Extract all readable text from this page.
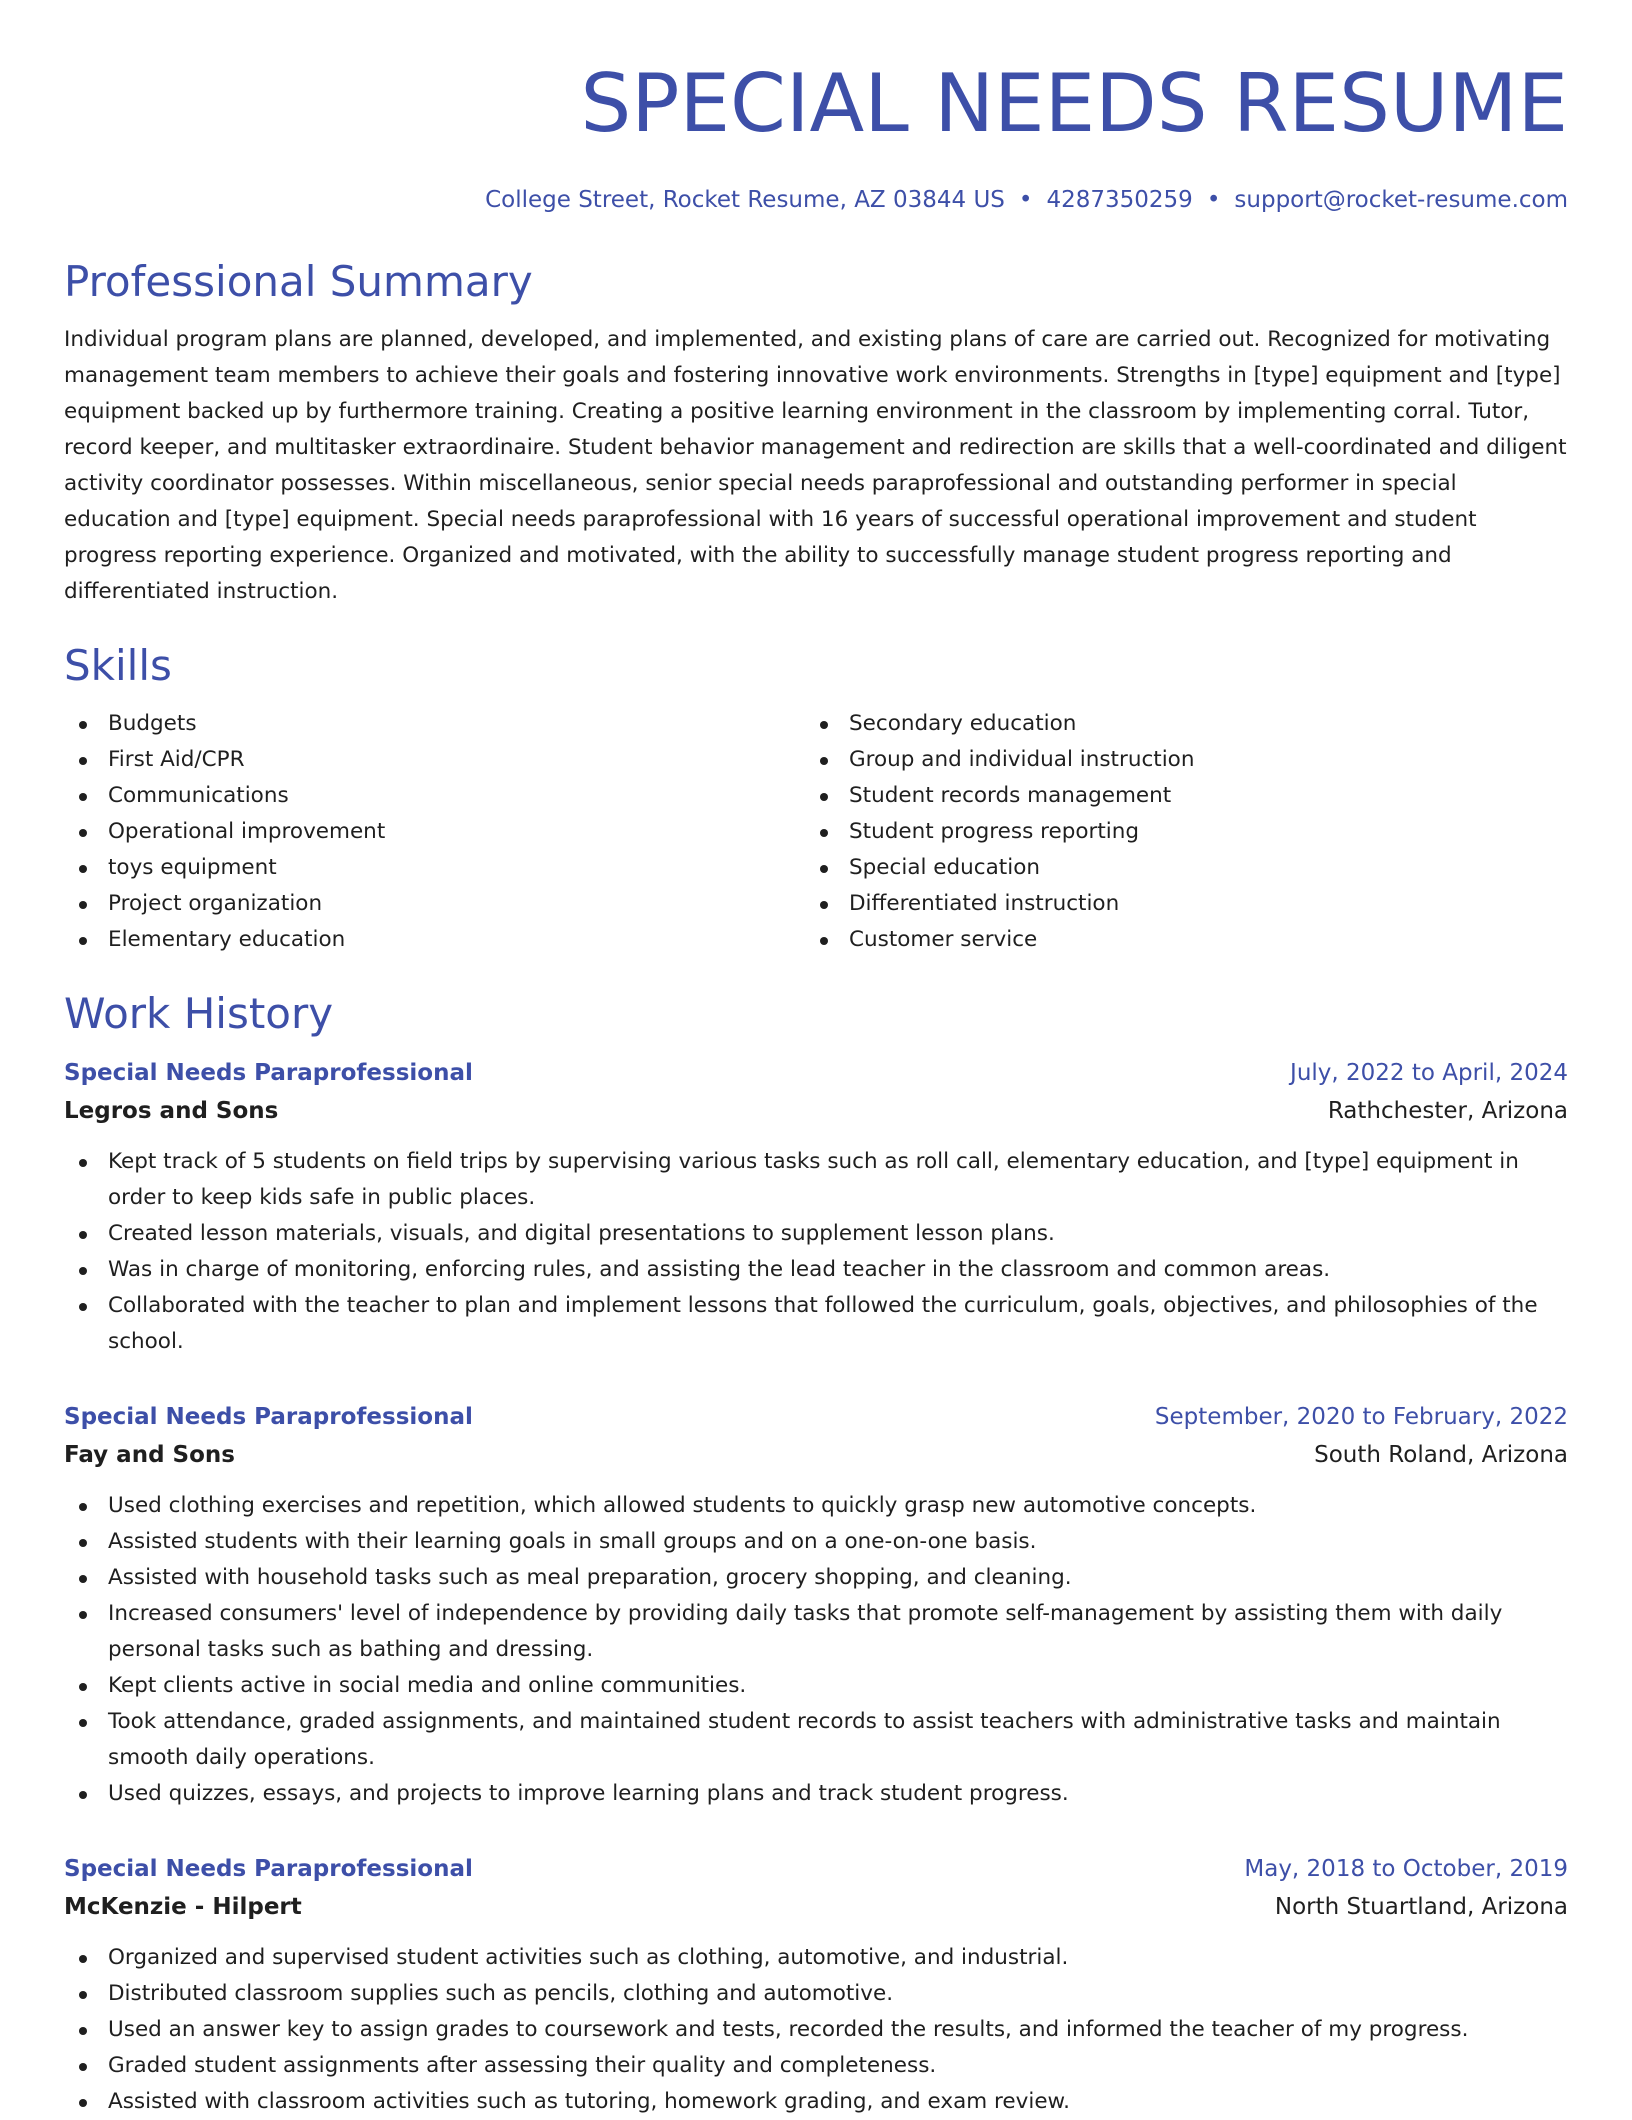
SPECIAL NEEDS RESUME
College Street, Rocket Resume, AZ 03844 US • 4287350259 • support@rocket-resume.com
Professional Summary
Individual program plans are planned, developed, and implemented, and existing plans of care are carried out. Recognized for motivating management team members to achieve their goals and fostering innovative work environments. Strengths in [type] equipment and [type] equipment backed up by furthermore training. Creating a positive learning environment in the classroom by implementing corral. Tutor, record keeper, and multitasker extraordinaire. Student behavior management and redirection are skills that a well-coordinated and diligent activity coordinator possesses. Within miscellaneous, senior special needs paraprofessional and outstanding performer in special education and [type] equipment. Special needs paraprofessional with 16 years of successful operational improvement and student progress reporting experience. Organized and motivated, with the ability to successfully manage student progress reporting and differentiated instruction.
Skills
Budgets
First Aid/CPR
Communications
Operational improvement
toys equipment
Project organization
Elementary education
Secondary education
Group and individual instruction
Student records management
Student progress reporting
Special education
Differentiated instruction
Customer service
Work History
Special Needs Paraprofessional	July, 2022 to April, 2024
Legros and Sons	Rathchester, Arizona
Kept track of 5 students on field trips by supervising various tasks such as roll call, elementary education, and [type] equipment in order to keep kids safe in public places.
Created lesson materials, visuals, and digital presentations to supplement lesson plans.
Was in charge of monitoring, enforcing rules, and assisting the lead teacher in the classroom and common areas.
Collaborated with the teacher to plan and implement lessons that followed the curriculum, goals, objectives, and philosophies of the school.
Special Needs Paraprofessional	September, 2020 to February, 2022
Fay and Sons	South Roland, Arizona
Used clothing exercises and repetition, which allowed students to quickly grasp new automotive concepts.
Assisted students with their learning goals in small groups and on a one-on-one basis.
Assisted with household tasks such as meal preparation, grocery shopping, and cleaning.
Increased consumers' level of independence by providing daily tasks that promote self-management by assisting them with daily personal tasks such as bathing and dressing.
Kept clients active in social media and online communities.
Took attendance, graded assignments, and maintained student records to assist teachers with administrative tasks and maintain smooth daily operations.
Used quizzes, essays, and projects to improve learning plans and track student progress.
Special Needs Paraprofessional	May, 2018 to October, 2019
McKenzie - Hilpert	North Stuartland, Arizona
Organized and supervised student activities such as clothing, automotive, and industrial.
Distributed classroom supplies such as pencils, clothing and automotive.
Used an answer key to assign grades to coursework and tests, recorded the results, and informed the teacher of my progress.
Graded student assignments after assessing their quality and completeness.
Assisted with classroom activities such as tutoring, homework grading, and exam review.
